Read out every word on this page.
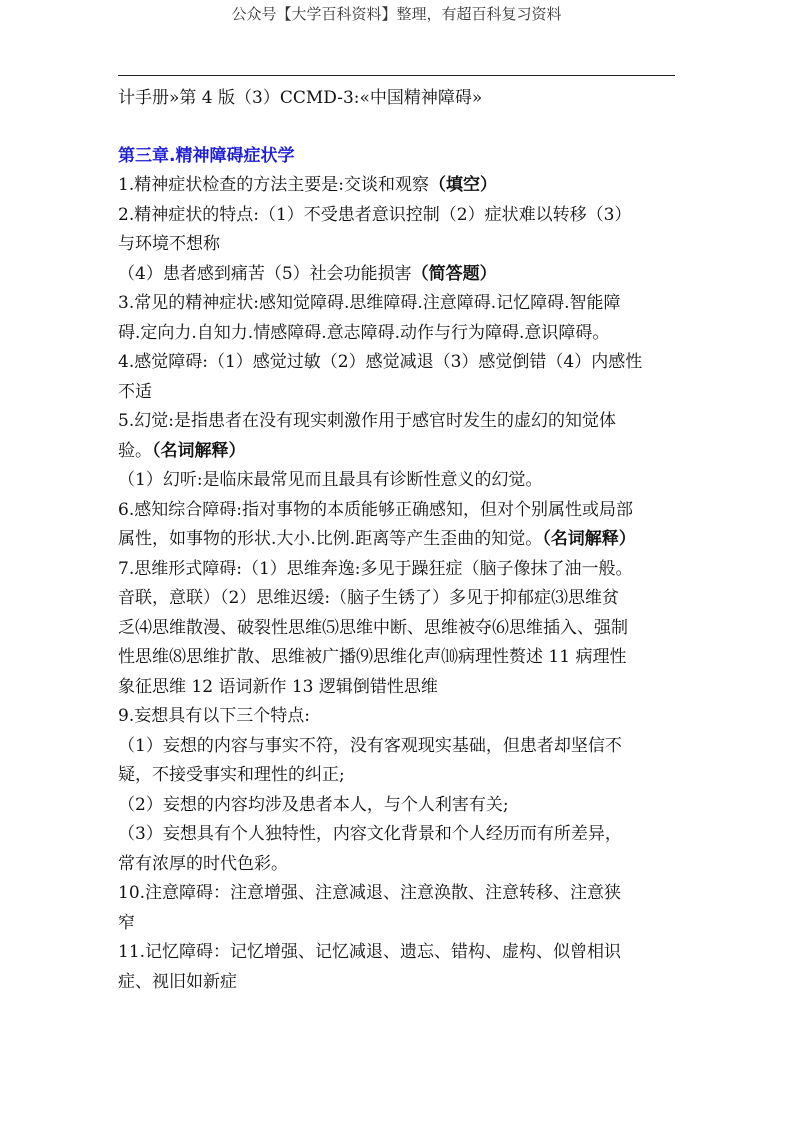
公众号【大学百科资料】整理，有超百科复习资料
计手册»第 4 版（3）CCMD-3:«中国精神障碍»
第三章.精神障碍症状学
1.精神症状检查的方法主要是:交谈和观察（填空）
2.精神症状的特点:（1）不受患者意识控制（2）症状难以转移（3）
与环境不想称
（4）患者感到痛苦（5）社会功能损害（简答题）
3.常见的精神症状:感知觉障碍.思维障碍.注意障碍.记忆障碍.智能障
碍.定向力.自知力.情感障碍.意志障碍.动作与行为障碍.意识障碍。
4.感觉障碍:（1）感觉过敏（2）感觉减退（3）感觉倒错（4）内感性
不适
5.幻觉:是指患者在没有现实刺激作用于感官时发生的虚幻的知觉体
验。（名词解释）
（1）幻听:是临床最常见而且最具有诊断性意义的幻觉。
6.感知综合障碍:指对事物的本质能够正确感知，但对个别属性或局部
属性，如事物的形状.大小.比例.距离等产生歪曲的知觉。（名词解释）
7.思维形式障碍:（1）思维奔逸:多见于躁狂症（脑子像抹了油一般。
音联，意联）（2）思维迟缓:（脑子生锈了）多见于抑郁症⑶思维贫
乏⑷思维散漫、破裂性思维⑸思维中断、思维被夺⑹思维插入、强制
性思维⑻思维扩散、思维被广播⑼思维化声⑽病理性赘述 11 病理性
象征思维 12 语词新作 13 逻辑倒错性思维
9.妄想具有以下三个特点:
（1）妄想的内容与事实不符，没有客观现实基础，但患者却坚信不
疑，不接受事实和理性的纠正;
（2）妄想的内容均涉及患者本人，与个人利害有关;
（3）妄想具有个人独特性，内容文化背景和个人经历而有所差异，
常有浓厚的时代色彩。
10.注意障碍：注意增强、注意减退、注意涣散、注意转移、注意狭
窄
11.记忆障碍：记忆增强、记忆减退、遗忘、错构、虚构、似曾相识
症、视旧如新症
